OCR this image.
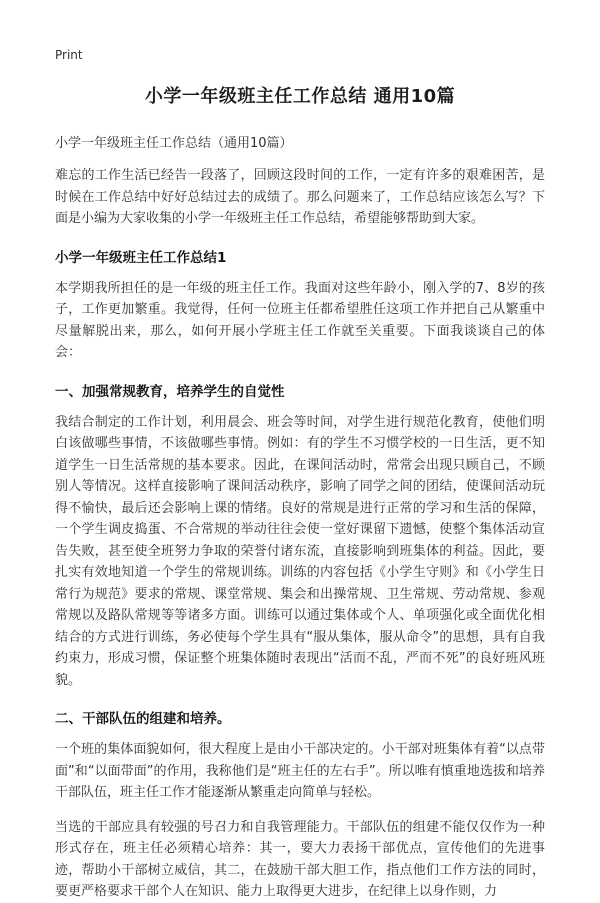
Print
小学一年级班主任工作总结 通用10篇
小学一年级班主任工作总结（通用10篇）

难忘的工作生活已经告一段落了，回顾这段时间的工作，一定有许多的艰难困苦，是时候在工作总结中好好总结过去的成绩了。那么问题来了，工作总结应该怎么写？下面是小编为大家收集的小学一年级班主任工作总结，希望能够帮助到大家。

小学一年级班主任工作总结1

本学期我所担任的是一年级的班主任工作。我面对这些年龄小，刚入学的7、8岁的孩子，工作更加繁重。我觉得，任何一位班主任都希望胜任这项工作并把自己从繁重中尽量解脱出来，那么，如何开展小学班主任工作就至关重要。下面我谈谈自己的体会：

一、加强常规教育，培养学生的自觉性

我结合制定的工作计划，利用晨会、班会等时间，对学生进行规范化教育，使他们明白该做哪些事情，不该做哪些事情。例如：有的学生不习惯学校的一日生活，更不知道学生一日生活常规的基本要求。因此，在课间活动时，常常会出现只顾自己，不顾别人等情况。这样直接影响了课间活动秩序，影响了同学之间的团结，使课间活动玩得不愉快，最后还会影响上课的情绪。良好的常规是进行正常的学习和生活的保障，一个学生调皮捣蛋、不合常规的举动往往会使一堂好课留下遗憾，使整个集体活动宣告失败，甚至使全班努力争取的荣誉付诸东流，直接影响到班集体的利益。因此，要扎实有效地知道一个学生的常规训练。训练的内容包括《小学生守则》和《小学生日常行为规范》要求的常规、课堂常规、集会和出操常规、卫生常规、劳动常规、参观常规以及路队常规等等诸多方面。训练可以通过集体或个人、单项强化或全面优化相结合的方式进行训练，务必使每个学生具有“服从集体，服从命令”的思想，具有自我约束力，形成习惯，保证整个班集体随时表现出“活而不乱，严而不死”的良好班风班貌。

二、干部队伍的组建和培养。

一个班的集体面貌如何，很大程度上是由小干部决定的。小干部对班集体有着“以点带面”和“以面带面”的作用，我称他们是“班主任的左右手”。所以唯有慎重地选拔和培养干部队伍，班主任工作才能逐渐从繁重走向简单与轻松。

当选的干部应具有较强的号召力和自我管理能力。干部队伍的组建不能仅仅作为一种形式存在，班主任必须精心培养：其一，要大力表扬干部优点，宣传他们的先进事迹，帮助小干部树立威信，其二，在鼓励干部大胆工作，指点他们工作方法的同时，要更严格要求干部个人在知识、能力上取得更大进步，在纪律上以身作则，力
